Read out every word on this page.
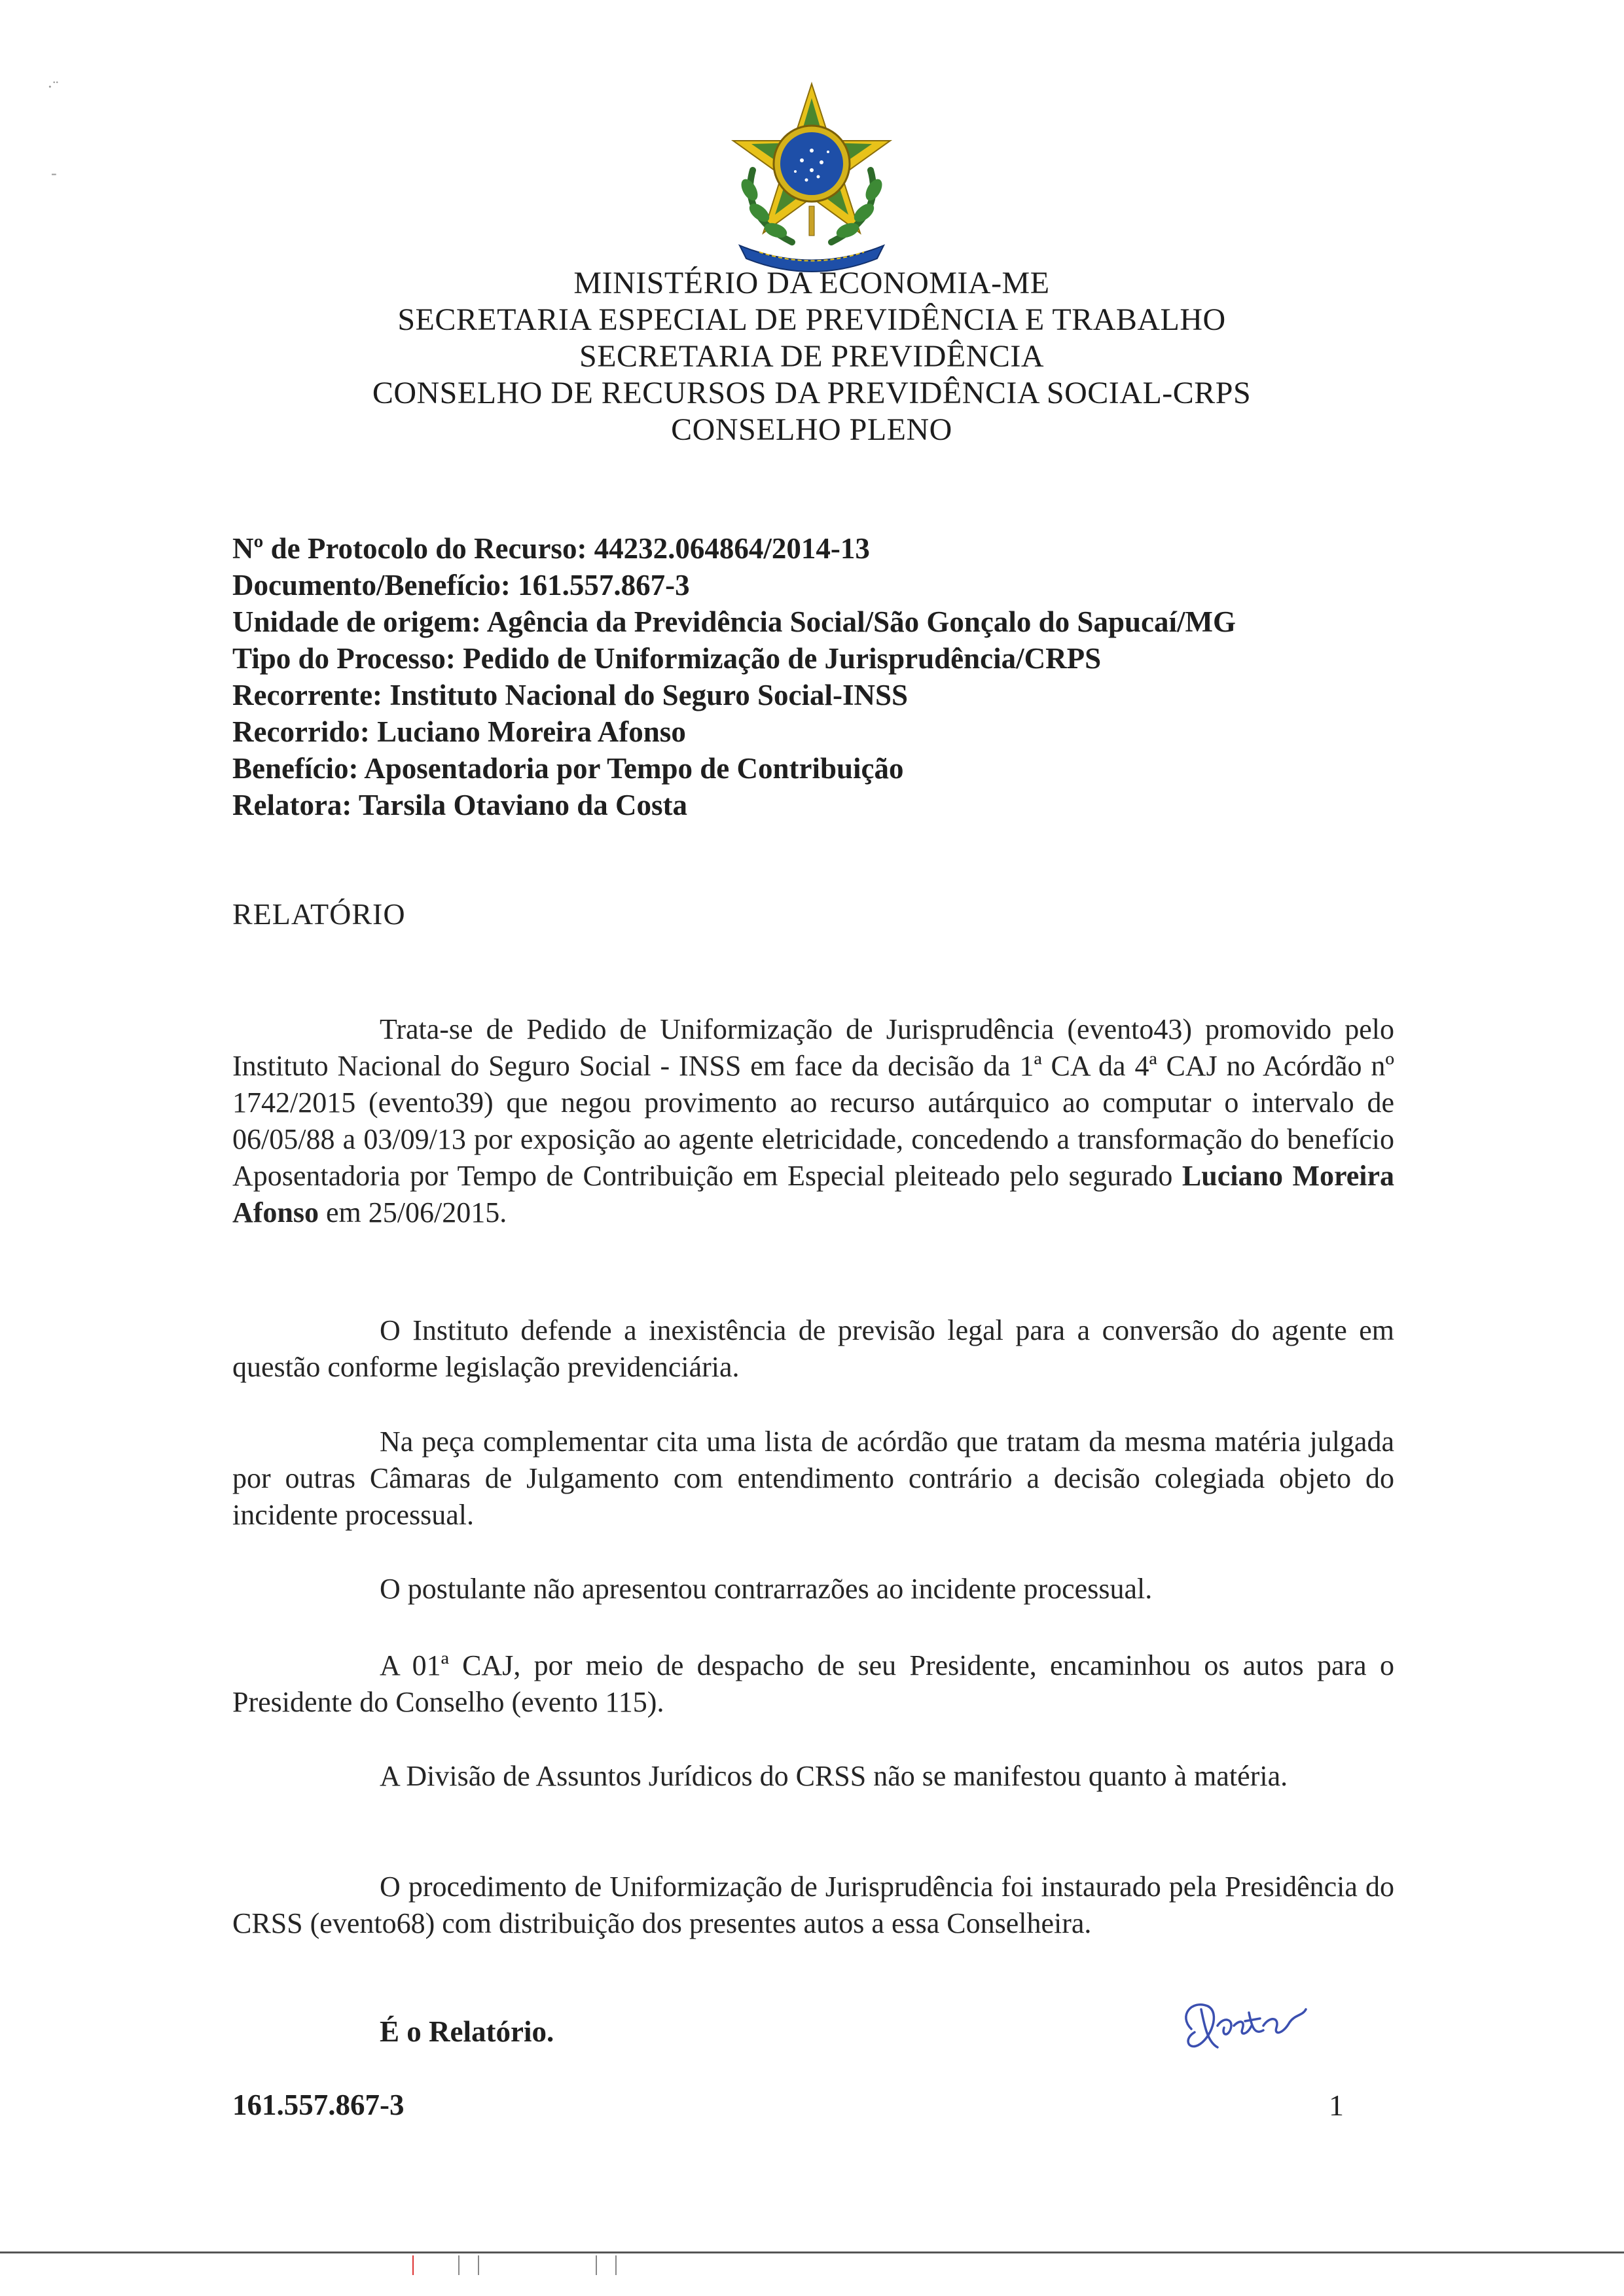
·¨
-
MINISTÉRIO DA ECONOMIA-ME
SECRETARIA ESPECIAL DE PREVIDÊNCIA E TRABALHO
SECRETARIA DE PREVIDÊNCIA
CONSELHO DE RECURSOS DA PREVIDÊNCIA SOCIAL-CRPS
CONSELHO PLENO
Nº de Protocolo do Recurso: 44232.064864/2014-13
Documento/Benefício: 161.557.867-3
Unidade de origem: Agência da Previdência Social/São Gonçalo do Sapucaí/MG
Tipo do Processo: Pedido de Uniformização de Jurisprudência/CRPS
Recorrente: Instituto Nacional do Seguro Social-INSS
Recorrido: Luciano Moreira Afonso
Benefício: Aposentadoria por Tempo de Contribuição
Relatora: Tarsila Otaviano da Costa
RELATÓRIO
Trata-se de Pedido de Uniformização de Jurisprudência (evento43) promovido pelo Instituto Nacional do Seguro Social - INSS em face da decisão da 1ª CA da 4ª CAJ no Acórdão nº 1742/2015 (evento39) que negou provimento ao recurso autárquico ao computar o intervalo de 06/05/88 a 03/09/13 por exposição ao agente eletricidade, concedendo a transformação do benefício Aposentadoria por Tempo de Contribuição em Especial pleiteado pelo segurado Luciano Moreira Afonso em 25/06/2015.
O Instituto defende a inexistência de previsão legal para a conversão do agente em questão conforme legislação previdenciária.
Na peça complementar cita uma lista de acórdão que tratam da mesma matéria julgada por outras Câmaras de Julgamento com entendimento contrário a decisão colegiada objeto do incidente processual.
O postulante não apresentou contrarrazões ao incidente processual.
A 01ª CAJ, por meio de despacho de seu Presidente, encaminhou os autos para o Presidente do Conselho (evento 115).
A Divisão de Assuntos Jurídicos do CRSS não se manifestou quanto à matéria.
O procedimento de Uniformização de Jurisprudência foi instaurado pela Presidência do CRSS (evento68) com distribuição dos presentes autos a essa Conselheira.
É o Relatório.
161.557.867-3	1
